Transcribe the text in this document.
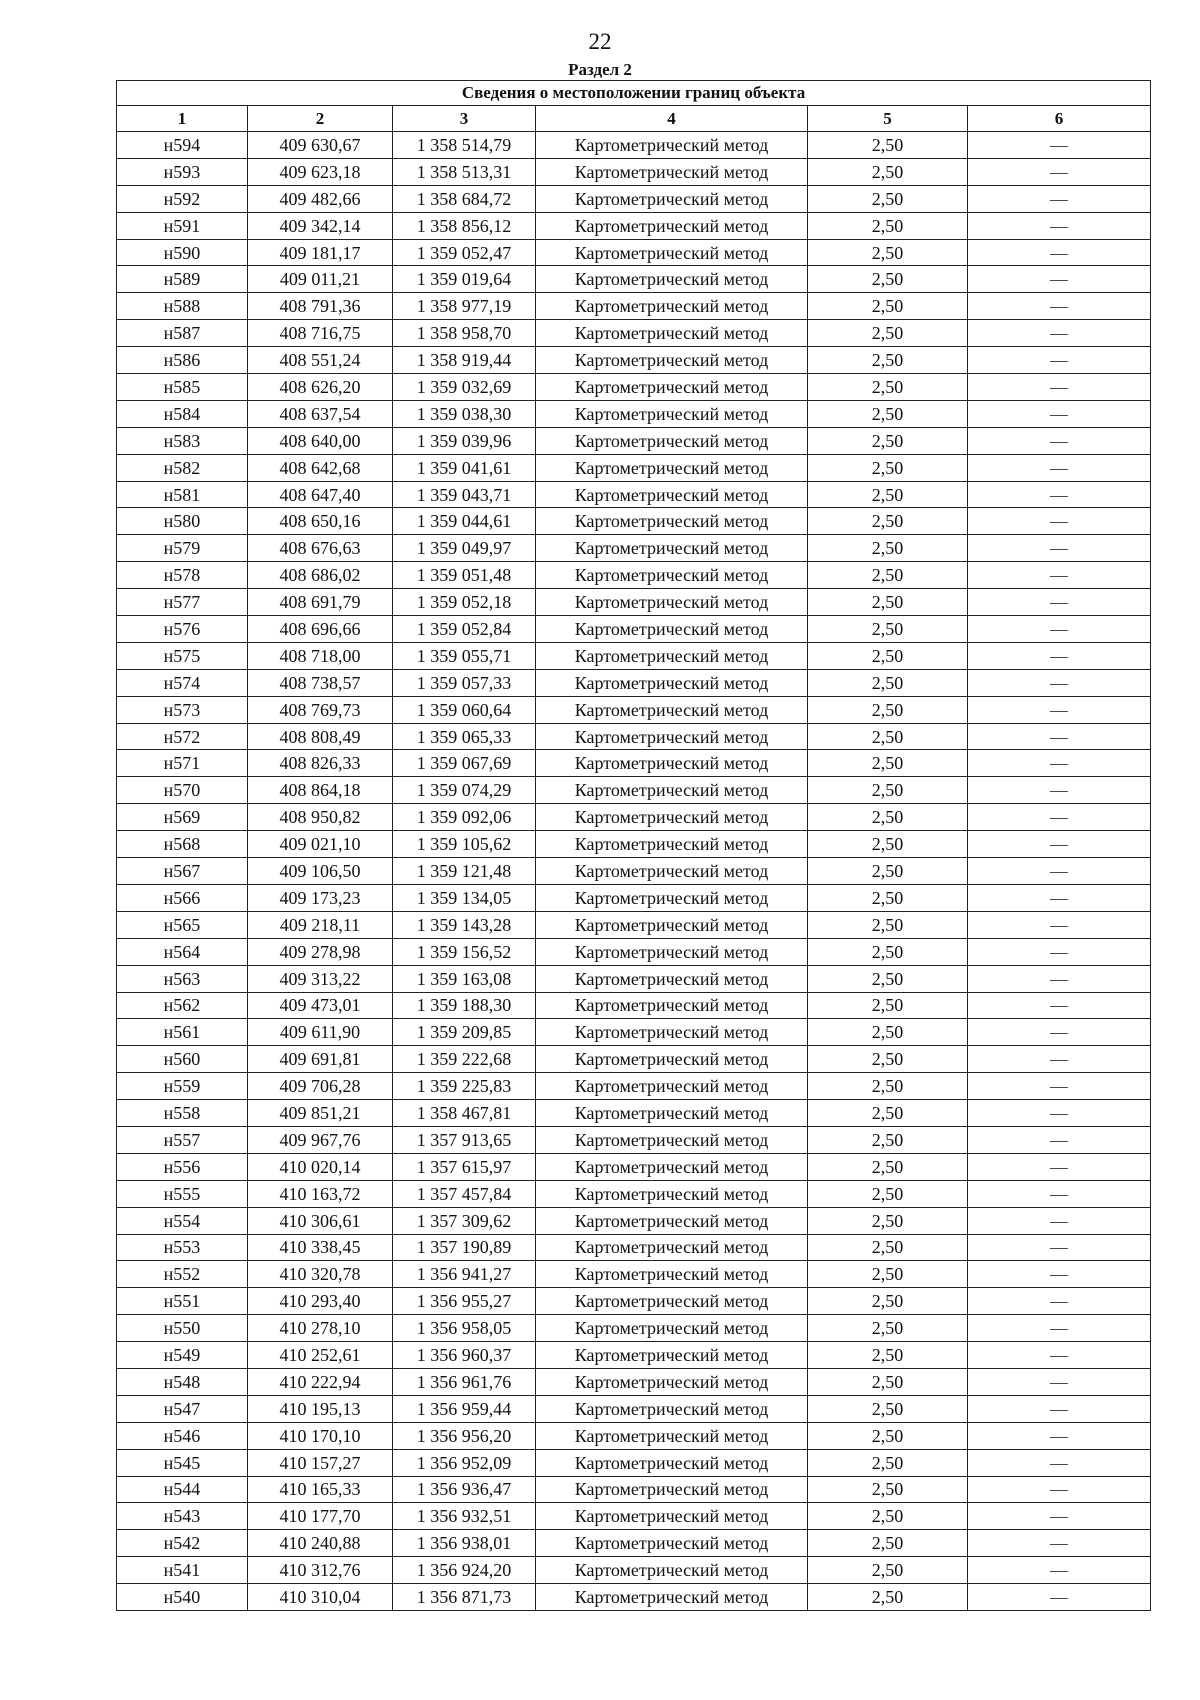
22
Раздел 2
Сведения о местоположении границ объекта					
1	2	3	4	5	6
н594	409 630,67	1 358 514,79	Картометрический метод	2,50	—
н593	409 623,18	1 358 513,31	Картометрический метод	2,50	—
н592	409 482,66	1 358 684,72	Картометрический метод	2,50	—
н591	409 342,14	1 358 856,12	Картометрический метод	2,50	—
н590	409 181,17	1 359 052,47	Картометрический метод	2,50	—
н589	409 011,21	1 359 019,64	Картометрический метод	2,50	—
н588	408 791,36	1 358 977,19	Картометрический метод	2,50	—
н587	408 716,75	1 358 958,70	Картометрический метод	2,50	—
н586	408 551,24	1 358 919,44	Картометрический метод	2,50	—
н585	408 626,20	1 359 032,69	Картометрический метод	2,50	—
н584	408 637,54	1 359 038,30	Картометрический метод	2,50	—
н583	408 640,00	1 359 039,96	Картометрический метод	2,50	—
н582	408 642,68	1 359 041,61	Картометрический метод	2,50	—
н581	408 647,40	1 359 043,71	Картометрический метод	2,50	—
н580	408 650,16	1 359 044,61	Картометрический метод	2,50	—
н579	408 676,63	1 359 049,97	Картометрический метод	2,50	—
н578	408 686,02	1 359 051,48	Картометрический метод	2,50	—
н577	408 691,79	1 359 052,18	Картометрический метод	2,50	—
н576	408 696,66	1 359 052,84	Картометрический метод	2,50	—
н575	408 718,00	1 359 055,71	Картометрический метод	2,50	—
н574	408 738,57	1 359 057,33	Картометрический метод	2,50	—
н573	408 769,73	1 359 060,64	Картометрический метод	2,50	—
н572	408 808,49	1 359 065,33	Картометрический метод	2,50	—
н571	408 826,33	1 359 067,69	Картометрический метод	2,50	—
н570	408 864,18	1 359 074,29	Картометрический метод	2,50	—
н569	408 950,82	1 359 092,06	Картометрический метод	2,50	—
н568	409 021,10	1 359 105,62	Картометрический метод	2,50	—
н567	409 106,50	1 359 121,48	Картометрический метод	2,50	—
н566	409 173,23	1 359 134,05	Картометрический метод	2,50	—
н565	409 218,11	1 359 143,28	Картометрический метод	2,50	—
н564	409 278,98	1 359 156,52	Картометрический метод	2,50	—
н563	409 313,22	1 359 163,08	Картометрический метод	2,50	—
н562	409 473,01	1 359 188,30	Картометрический метод	2,50	—
н561	409 611,90	1 359 209,85	Картометрический метод	2,50	—
н560	409 691,81	1 359 222,68	Картометрический метод	2,50	—
н559	409 706,28	1 359 225,83	Картометрический метод	2,50	—
н558	409 851,21	1 358 467,81	Картометрический метод	2,50	—
н557	409 967,76	1 357 913,65	Картометрический метод	2,50	—
н556	410 020,14	1 357 615,97	Картометрический метод	2,50	—
н555	410 163,72	1 357 457,84	Картометрический метод	2,50	—
н554	410 306,61	1 357 309,62	Картометрический метод	2,50	—
н553	410 338,45	1 357 190,89	Картометрический метод	2,50	—
н552	410 320,78	1 356 941,27	Картометрический метод	2,50	—
н551	410 293,40	1 356 955,27	Картометрический метод	2,50	—
н550	410 278,10	1 356 958,05	Картометрический метод	2,50	—
н549	410 252,61	1 356 960,37	Картометрический метод	2,50	—
н548	410 222,94	1 356 961,76	Картометрический метод	2,50	—
н547	410 195,13	1 356 959,44	Картометрический метод	2,50	—
н546	410 170,10	1 356 956,20	Картометрический метод	2,50	—
н545	410 157,27	1 356 952,09	Картометрический метод	2,50	—
н544	410 165,33	1 356 936,47	Картометрический метод	2,50	—
н543	410 177,70	1 356 932,51	Картометрический метод	2,50	—
н542	410 240,88	1 356 938,01	Картометрический метод	2,50	—
н541	410 312,76	1 356 924,20	Картометрический метод	2,50	—
н540	410 310,04	1 356 871,73	Картометрический метод	2,50	—
